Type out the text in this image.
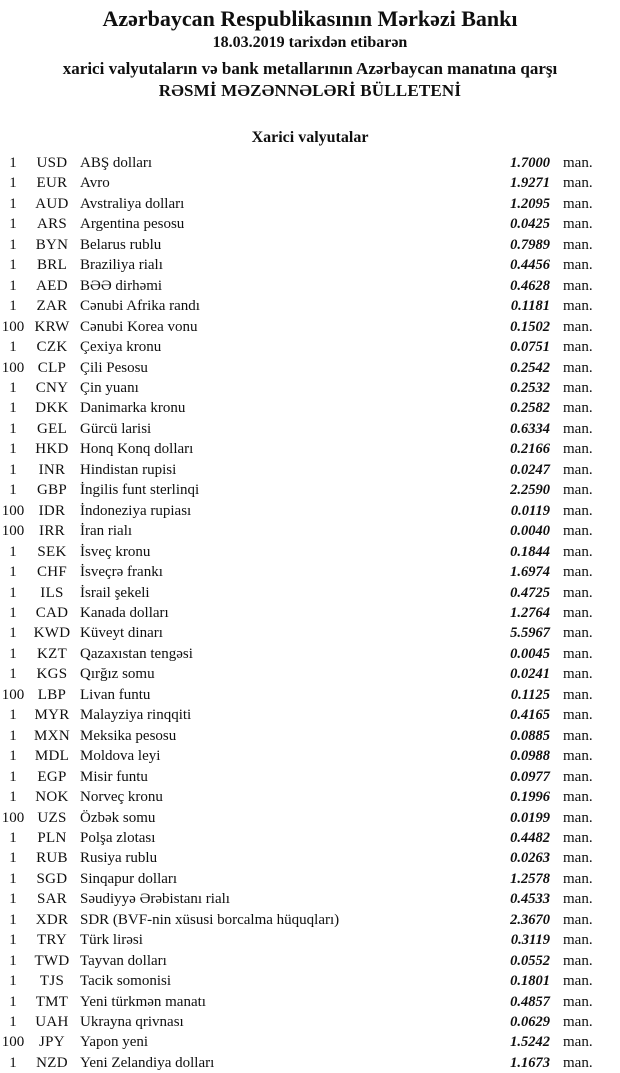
Azərbaycan Respublikasının Mərkəzi Bankı
18.03.2019 tarixdən etibarən
xarici valyutaların və bank metallarının Azərbaycan manatına qarşı
RƏSMİ MƏZƏNNƏLƏRİ BÜLLETENİ
Xarici valyutalar
1	USD ABŞ dolları	1.7000 man.
1	EUR Avro	1.9271 man.
1	AUD Avstraliya dolları	1.2095 man.
1	ARS Argentina pesosu	0.0425 man.
1	BYN Belarus rublu	0.7989 man.
1	BRL Braziliya rialı	0.4456 man.
1	AED BƏƏ dirhəmi	0.4628 man.
1	ZAR Cənubi Afrika randı	0.1181 man.
100 KRW Cənubi Korea vonu	0.1502 man.
1	CZK Çexiya kronu	0.0751 man.
100 CLP Çili Pesosu	0.2542 man.
1	CNY Çin yuanı	0.2532 man.
1	DKK Danimarka kronu	0.2582 man.
1	GEL Gürcü larisi	0.6334 man.
1	HKD Honq Konq dolları	0.2166 man.
1	INR Hindistan rupisi	0.0247 man.
1	GBP İngilis funt sterlinqi	2.2590 man.
100 IDR İndoneziya rupiası	0.0119 man.
100 IRR	İran rialı	0.0040 man.
1	SEK İsveç kronu	0.1844 man.
1	CHF İsveçrə frankı	1.6974 man.
1	ILS	İsrail şekeli	0.4725 man.
1	CAD Kanada dolları	1.2764 man.
1	KWD Küveyt dinarı	5.5967 man.
1	KZT Qazaxıstan tengəsi	0.0045 man.
1	KGS Qırğız somu	0.0241 man.
100 LBP Livan funtu	0.1125 man.
1	MYR Malayziya rinqqiti	0.4165 man.
1	MXN Meksika pesosu	0.0885 man.
1	MDL Moldova leyi	0.0988 man.
1	EGP Misir funtu	0.0977 man.
1	NOK Norveç kronu	0.1996 man.
100 UZS Özbək somu	0.0199 man.
1	PLN Polşa zlotası	0.4482 man.
1	RUB Rusiya rublu	0.0263 man.
1	SGD Sinqapur dolları	1.2578 man.
1	SAR Səudiyyə Ərəbistanı rialı	0.4533 man.
1	XDR SDR (BVF-nin xüsusi borcalma hüquqları)	2.3670 man.
1	TRY Türk lirəsi	0.3119 man.
1	TWD Tayvan dolları	0.0552 man.
1	TJS	Tacik somonisi	0.1801 man.
1	TMT Yeni türkmən manatı	0.4857 man.
1	UAH Ukrayna qrivnası	0.0629 man.
100 JPY	Yapon yeni	1.5242 man.
1	NZD Yeni Zelandiya dolları	1.1673 man.
